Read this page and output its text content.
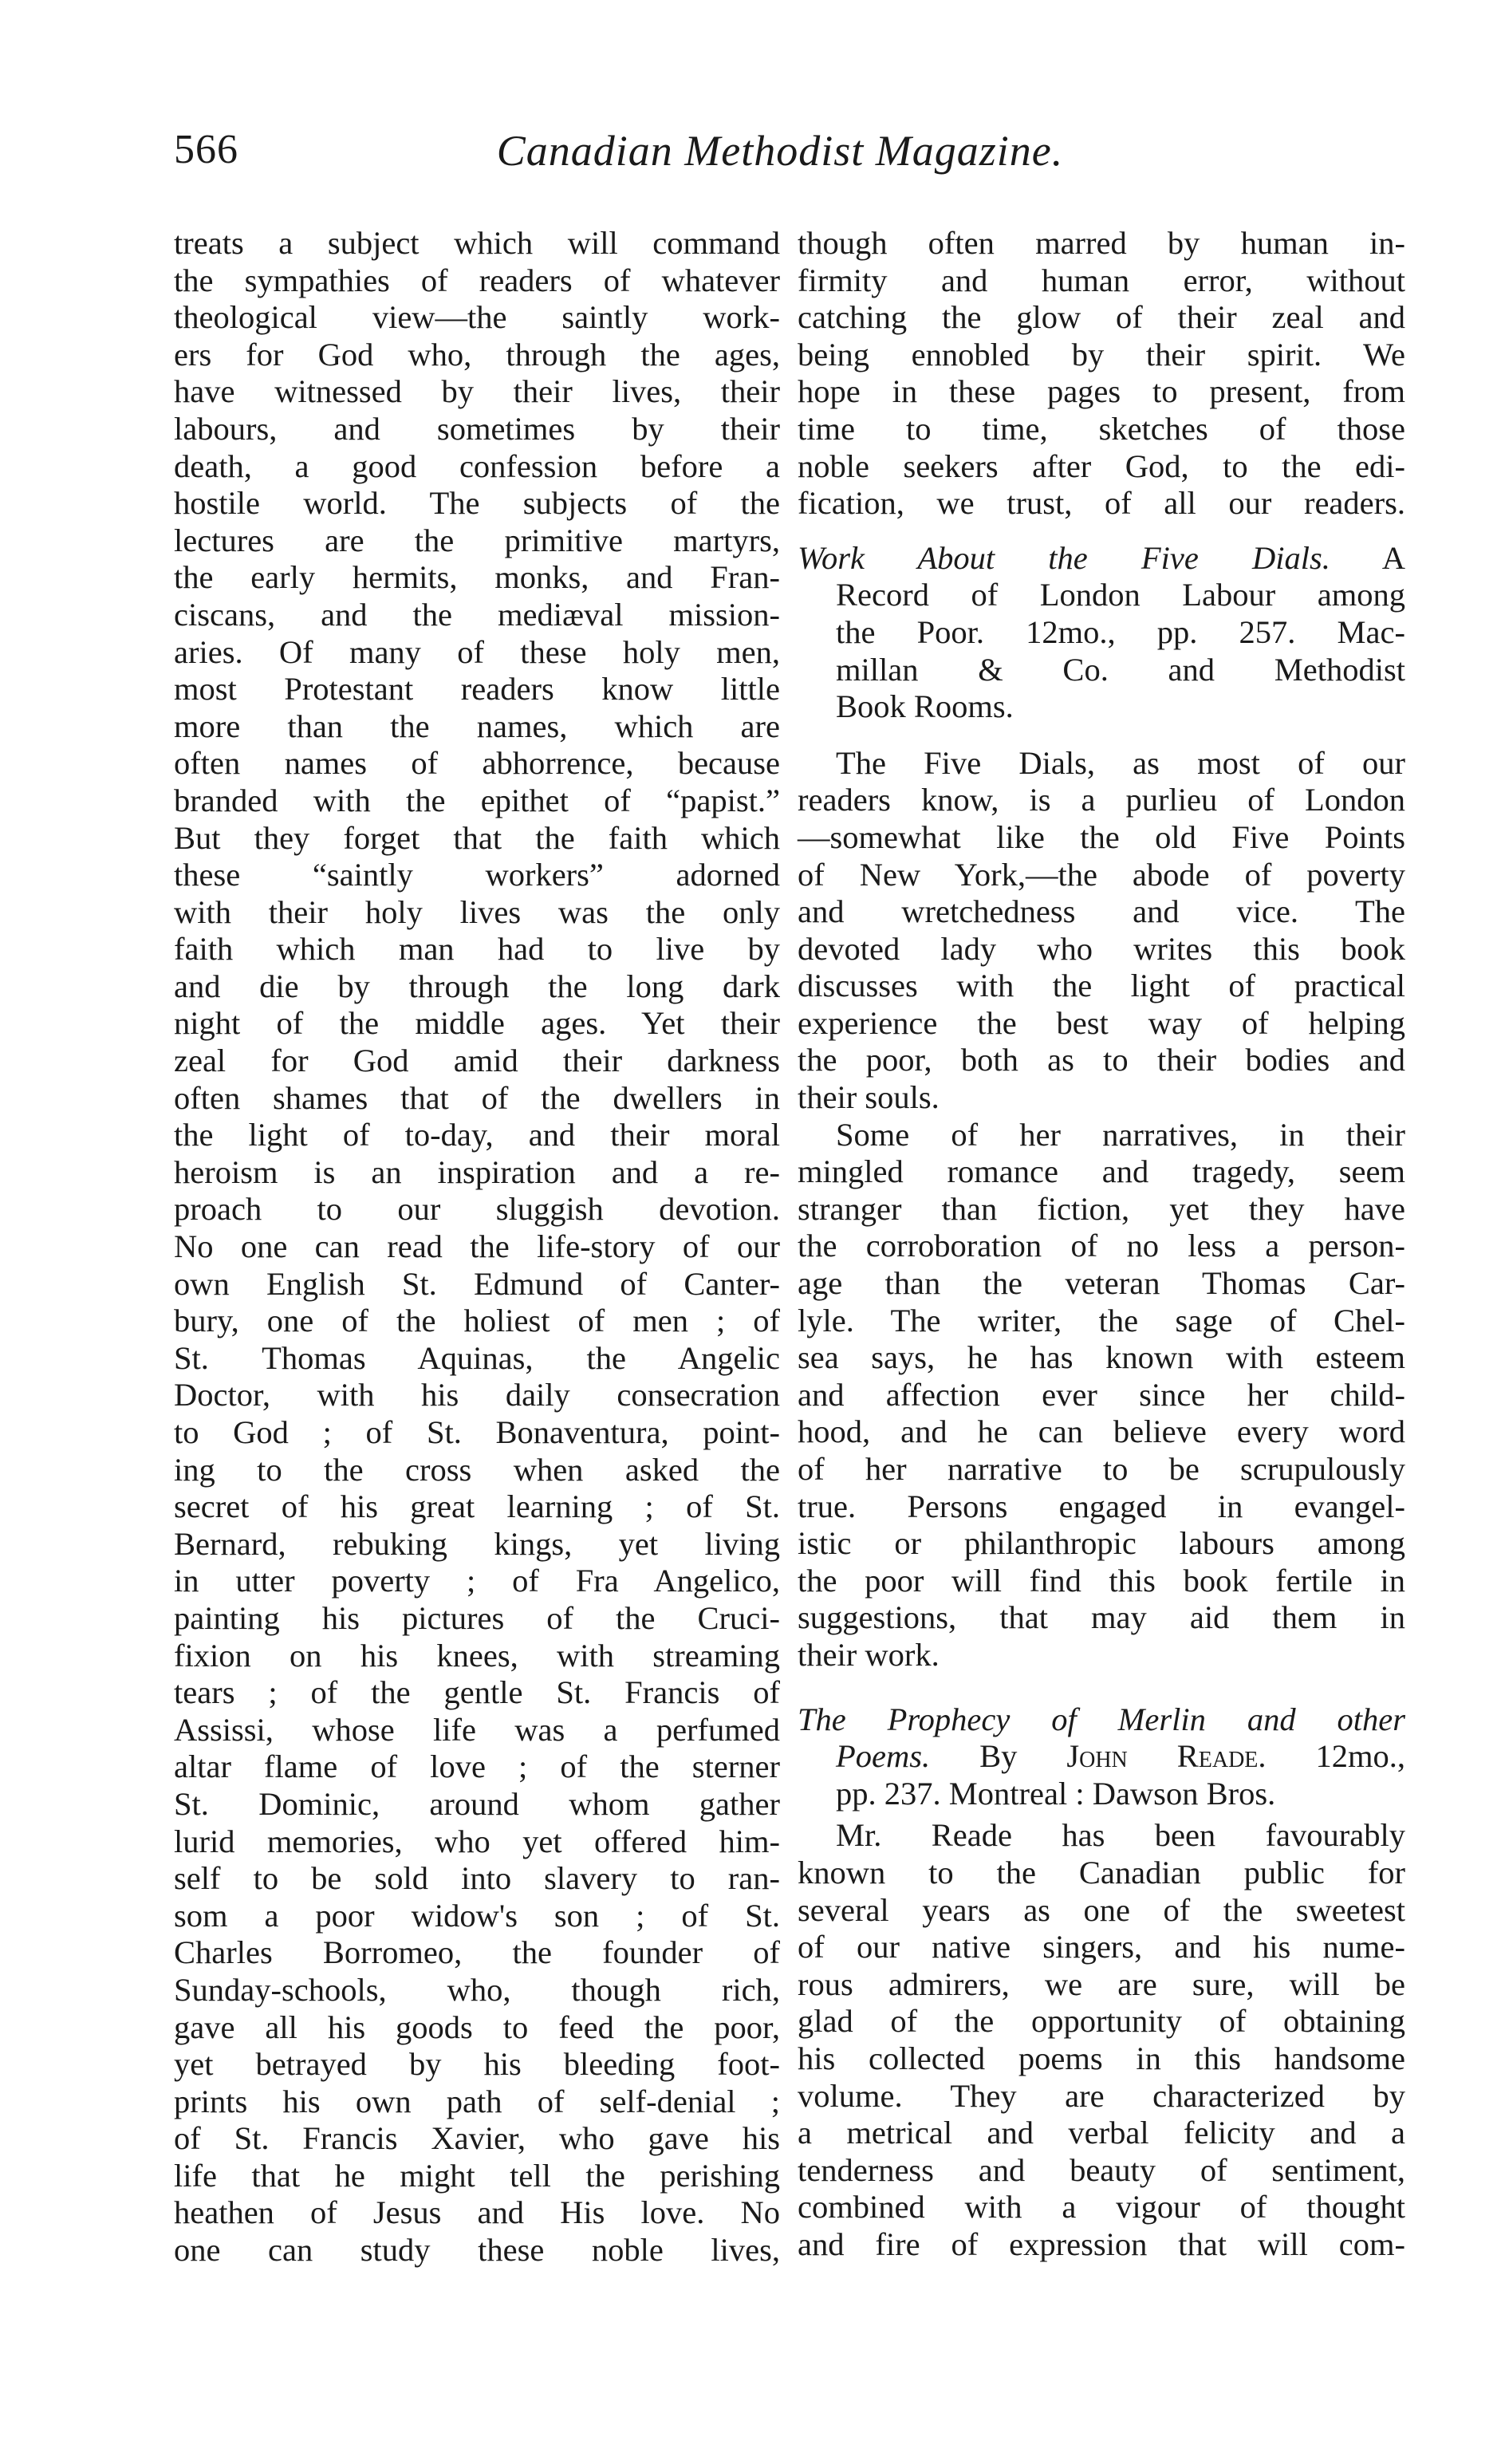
566	Canadian Methodist Magazine.
treats a subject which will command
the sympathies of readers of whatever
theological view—the saintly work-
ers for God who, through the ages,
have witnessed by their lives, their
labours, and sometimes by their
death, a good confession before a
hostile world. The subjects of the
lectures are the primitive martyrs,
the early hermits, monks, and Fran-
ciscans, and the mediæval mission-
aries. Of many of these holy men,
most Protestant readers know little
more than the names, which are
often names of abhorrence, because
branded with the epithet of “papist.”
But they forget that the faith which
these “saintly workers” adorned
with their holy lives was the only
faith which man had to live by
and die by through the long dark
night of the middle ages. Yet their
zeal for God amid their darkness
often shames that of the dwellers in
the light of to-day, and their moral
heroism is an inspiration and a re-
proach to our sluggish devotion.
No one can read the life-story of our
own English St. Edmund of Canter-
bury, one of the holiest of men ; of
St. Thomas Aquinas, the Angelic
Doctor, with his daily consecration
to God ; of St. Bonaventura, point-
ing to the cross when asked the
secret of his great learning ; of St.
Bernard, rebuking kings, yet living
in utter poverty ; of Fra Angelico,
painting his pictures of the Cruci-
fixion on his knees, with streaming
tears ; of the gentle St. Francis of
Assissi, whose life was a perfumed
altar flame of love ; of the sterner
St. Dominic, around whom gather
lurid memories, who yet offered him-
self to be sold into slavery to ran-
som a poor widow's son ; of St.
Charles Borromeo, the founder of
Sunday-schools, who, though rich,
gave all his goods to feed the poor,
yet betrayed by his bleeding foot-
prints his own path of self-denial ;
of St. Francis Xavier, who gave his
life that he might tell the perishing
heathen of Jesus and His love. No
one can study these noble lives,
though often marred by human in-
firmity and human error, without
catching the glow of their zeal and
being ennobled by their spirit. We
hope in these pages to present, from
time to time, sketches of those
noble seekers after God, to the edi-
fication, we trust, of all our readers.
Work About the Five Dials. A
Record of London Labour among
the Poor. 12mo., pp. 257. Mac-
millan & Co. and Methodist
Book Rooms.
The Five Dials, as most of our
readers know, is a purlieu of London
—somewhat like the old Five Points
of New York,—the abode of poverty
and wretchedness and vice. The
devoted lady who writes this book
discusses with the light of practical
experience the best way of helping
the poor, both as to their bodies and
their souls.
Some of her narratives, in their
mingled romance and tragedy, seem
stranger than fiction, yet they have
the corroboration of no less a person-
age than the veteran Thomas Car-
lyle. The writer, the sage of Chel-
sea says, he has known with esteem
and affection ever since her child-
hood, and he can believe every word
of her narrative to be scrupulously
true. Persons engaged in evangel-
istic or philanthropic labours among
the poor will find this book fertile in
suggestions, that may aid them in
their work.
The Prophecy of Merlin and other
Poems. By John Reade. 12mo.,
pp. 237. Montreal : Dawson Bros.
Mr. Reade has been favourably
known to the Canadian public for
several years as one of the sweetest
of our native singers, and his nume-
rous admirers, we are sure, will be
glad of the opportunity of obtaining
his collected poems in this handsome
volume. They are characterized by
a metrical and verbal felicity and a
tenderness and beauty of sentiment,
combined with a vigour of thought
and fire of expression that will com-
